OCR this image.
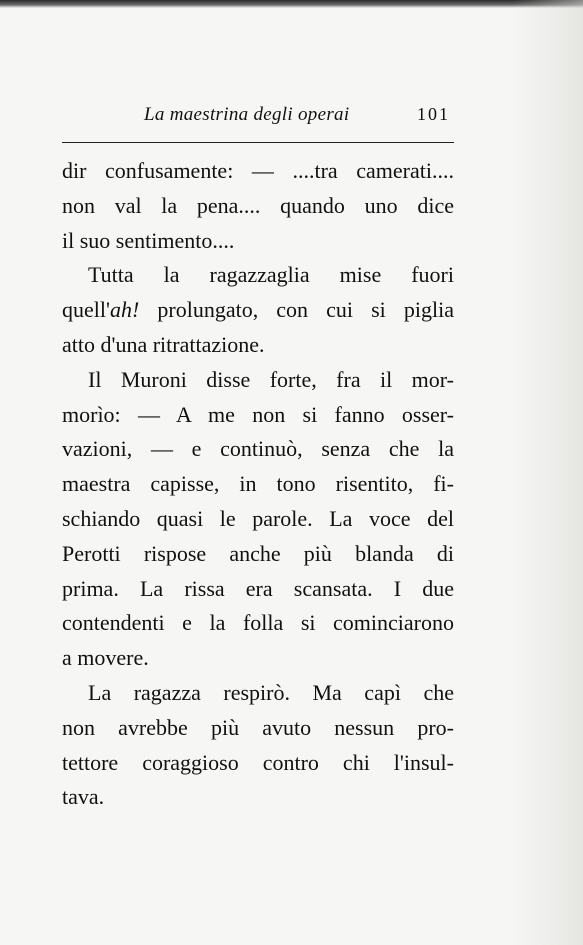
La maestrina degli operai	101
dir confusamente: — ....tra camerati....
non val la pena.... quando uno dice
il suo sentimento....
Tutta la ragazzaglia mise fuori
quell'ah! prolungato, con cui si piglia
atto d'una ritrattazione.
Il Muroni disse forte, fra il mor-
morìo: — A me non si fanno osser-
vazioni, — e continuò, senza che la
maestra capisse, in tono risentito, fi-
schiando quasi le parole. La voce del
Perotti rispose anche più blanda di
prima. La rissa era scansata. I due
contendenti e la folla si cominciarono
a movere.
La ragazza respirò. Ma capì che
non avrebbe più avuto nessun pro-
tettore coraggioso contro chi l'insul-
tava.
